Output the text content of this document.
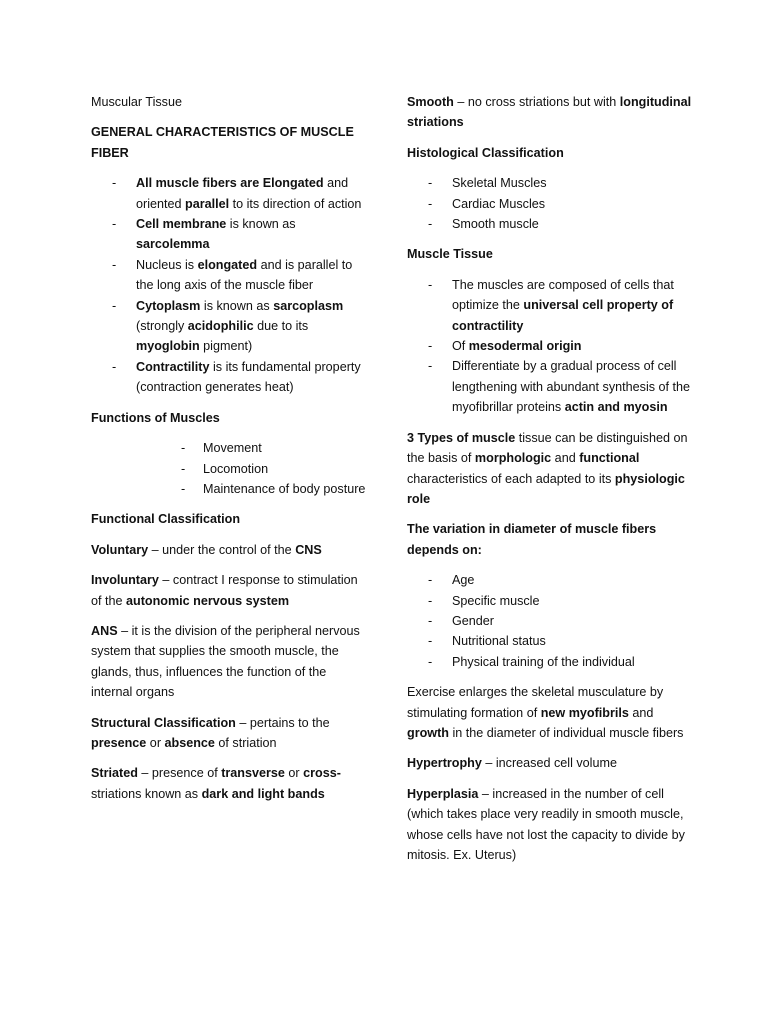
Muscular Tissue

GENERAL CHARACTERISTICS OF MUSCLE FIBER

- All muscle fibers are Elongated and oriented parallel to its direction of action
- Cell membrane is known as sarcolemma
- Nucleus is elongated and is parallel to the long axis of the muscle fiber
- Cytoplasm is known as sarcoplasm (strongly acidophilic due to its myoglobin pigment)
- Contractility is its fundamental property (contraction generates heat)

Functions of Muscles

- Movement
- Locomotion
- Maintenance of body posture

Functional Classification

Voluntary – under the control of the CNS

Involuntary – contract I response to stimulation of the autonomic nervous system

ANS – it is the division of the peripheral nervous system that supplies the smooth muscle, the glands, thus, influences the function of the internal organs

Structural Classification – pertains to the presence or absence of striation

Striated – presence of transverse or cross-striations known as dark and light bands

Smooth – no cross striations but with longitudinal striations

Histological Classification

- Skeletal Muscles
- Cardiac Muscles
- Smooth muscle

Muscle Tissue

- The muscles are composed of cells that optimize the universal cell property of contractility
- Of mesodermal origin
- Differentiate by a gradual process of cell lengthening with abundant synthesis of the myofibrillar proteins actin and myosin

3 Types of muscle tissue can be distinguished on the basis of morphologic and functional characteristics of each adapted to its physiologic role

The variation in diameter of muscle fibers depends on:

- Age
- Specific muscle
- Gender
- Nutritional status
- Physical training of the individual

Exercise enlarges the skeletal musculature by stimulating formation of new myofibrils and growth in the diameter of individual muscle fibers

Hypertrophy – increased cell volume

Hyperplasia – increased in the number of cell (which takes place very readily in smooth muscle, whose cells have not lost the capacity to divide by mitosis. Ex. Uterus)
